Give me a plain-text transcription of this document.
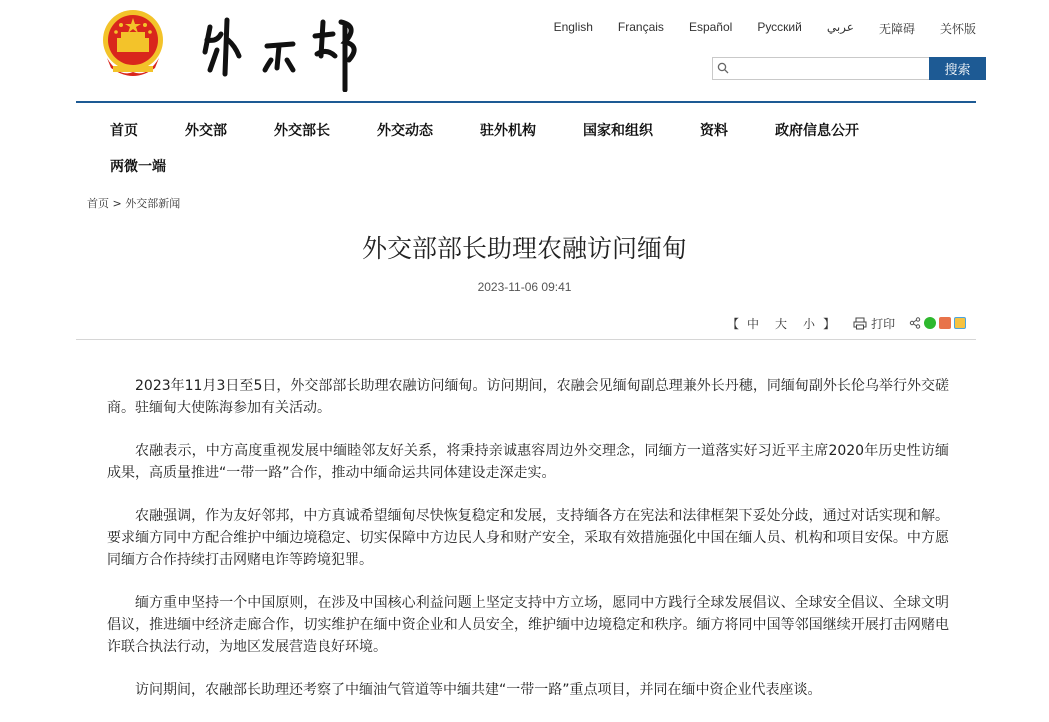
English Français Español Русский عربي 无障碍 关怀版
搜索
首页	外交部	外交部长	外交动态	驻外机构	国家和组织	资料	政府信息公开
两微一端
首页 > 外交部新闻
外交部部长助理农融访问缅甸
2023-11-06 09:41
【 中 大 小 】	打印

2023年11月3日至5日，外交部部长助理农融访问缅甸。访问期间，农融会见缅甸副总理兼外长丹穗，同缅甸副外长伦乌举行外交磋商。驻缅甸大使陈海参加有关活动。

农融表示，中方高度重视发展中缅睦邻友好关系，将秉持亲诚惠容周边外交理念，同缅方一道落实好习近平主席2020年历史性访缅成果，高质量推进“一带一路”合作，推动中缅命运共同体建设走深走实。

农融强调，作为友好邻邦，中方真诚希望缅甸尽快恢复稳定和发展，支持缅各方在宪法和法律框架下妥处分歧，通过对话实现和解。要求缅方同中方配合维护中缅边境稳定、切实保障中方边民人身和财产安全，采取有效措施强化中国在缅人员、机构和项目安保。中方愿同缅方合作持续打击网赌电诈等跨境犯罪。

缅方重申坚持一个中国原则，在涉及中国核心利益问题上坚定支持中方立场，愿同中方践行全球发展倡议、全球安全倡议、全球文明倡议，推进缅中经济走廊合作，切实维护在缅中资企业和人员安全，维护缅中边境稳定和秩序。缅方将同中国等邻国继续开展打击网赌电诈联合执法行动，为地区发展营造良好环境。

访问期间，农融部长助理还考察了中缅油气管道等中缅共建“一带一路”重点项目，并同在缅中资企业代表座谈。
